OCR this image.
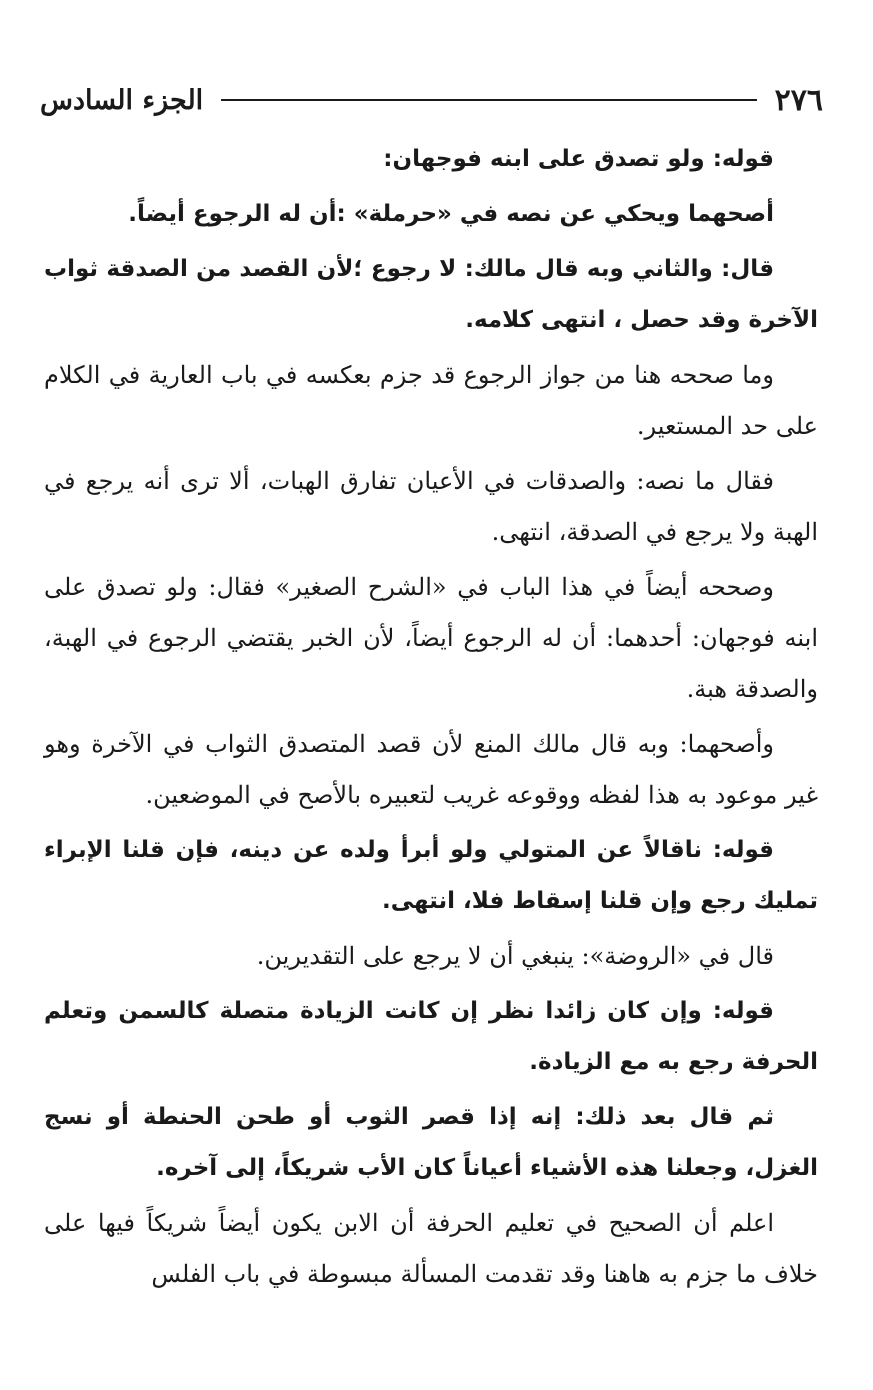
٢٧٦
الجزء السادس

قوله: ولو تصدق على ابنه فوجهان:

أصحهما ويحكي عن نصه في «حرملة» :أن له الرجوع أيضاً.

قال: والثاني وبه قال مالك: لا رجوع ؛لأن القصد من الصدقة ثواب الآخرة وقد حصل ، انتهى كلامه.

وما صححه هنا من جواز الرجوع قد جزم بعكسه في باب العارية في الكلام على حد المستعير.

فقال ما نصه: والصدقات في الأعيان تفارق الهبات، ألا ترى أنه يرجع في الهبة ولا يرجع في الصدقة، انتهى.

وصححه أيضاً في هذا الباب في «الشرح الصغير» فقال: ولو تصدق على ابنه فوجهان: أحدهما: أن له الرجوع أيضاً، لأن الخبر يقتضي الرجوع في الهبة، والصدقة هبة.

وأصحهما: وبه قال مالك المنع لأن قصد المتصدق الثواب في الآخرة وهو غير موعود به هذا لفظه ووقوعه غريب لتعبيره بالأصح في الموضعين.

قوله: ناقالاً عن المتولي ولو أبرأ ولده عن دينه، فإن قلنا الإبراء تمليك رجع وإن قلنا إسقاط فلا، انتهى.

قال في «الروضة»: ينبغي أن لا يرجع على التقديرين.

قوله: وإن كان زائدا نظر إن كانت الزيادة متصلة كالسمن وتعلم الحرفة رجع به مع الزيادة.

ثم قال بعد ذلك: إنه إذا قصر الثوب أو طحن الحنطة أو نسج الغزل، وجعلنا هذه الأشياء أعياناً كان الأب شريكاً، إلى آخره.

اعلم أن الصحيح في تعليم الحرفة أن الابن يكون أيضاً شريكاً فيها على خلاف ما جزم به هاهنا وقد تقدمت المسألة مبسوطة في باب الفلس
